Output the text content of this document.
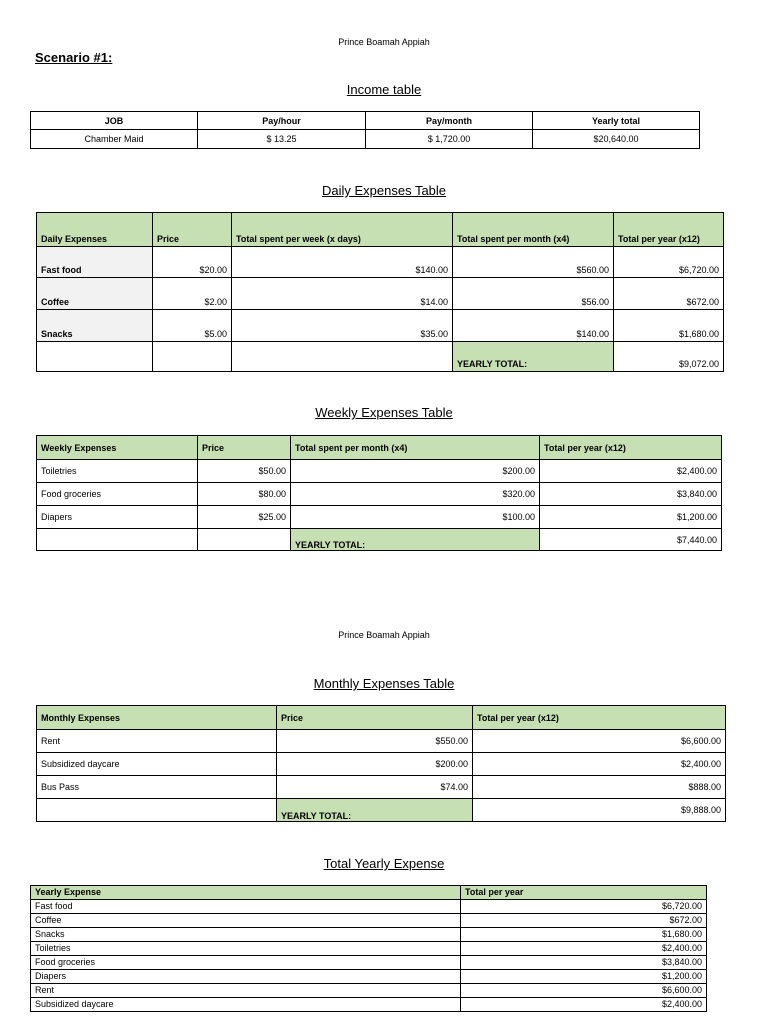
Prince Boamah Appiah
Scenario #1:
Income table
JOB	Pay/hour	Pay/month	Yearly total
Chamber Maid	$ 13.25	$ 1,720.00	$20,640.00
Daily Expenses Table
Daily Expenses	Price	Total spent per week (x days)	Total spent per month (x4)	Total per year (x12)
Fast food	$20.00	$140.00	$560.00	$6,720.00
Coffee	$2.00	$14.00	$56.00	$672.00
Snacks	$5.00	$35.00	$140.00	$1,680.00
			YEARLY TOTAL:	$9,072.00
Weekly Expenses Table
Weekly Expenses	Price	Total spent per month (x4)	Total per year (x12)
Toiletries	$50.00	$200.00	$2,400.00
Food groceries	$80.00	$320.00	$3,840.00
Diapers	$25.00	$100.00	$1,200.00
		YEARLY TOTAL:	$7,440.00
Prince Boamah Appiah
Monthly Expenses Table
Monthly Expenses	Price	Total per year (x12)
Rent	$550.00	$6,600.00
Subsidized daycare	$200.00	$2,400.00
Bus Pass	$74.00	$888.00
	YEARLY TOTAL:	$9,888.00
Total Yearly Expense
Yearly Expense	Total per year
Fast food	$6,720.00
Coffee	$672.00
Snacks	$1,680.00
Toiletries	$2,400.00
Food groceries	$3,840.00
Diapers	$1,200.00
Rent	$6,600.00
Subsidized daycare	$2,400.00
